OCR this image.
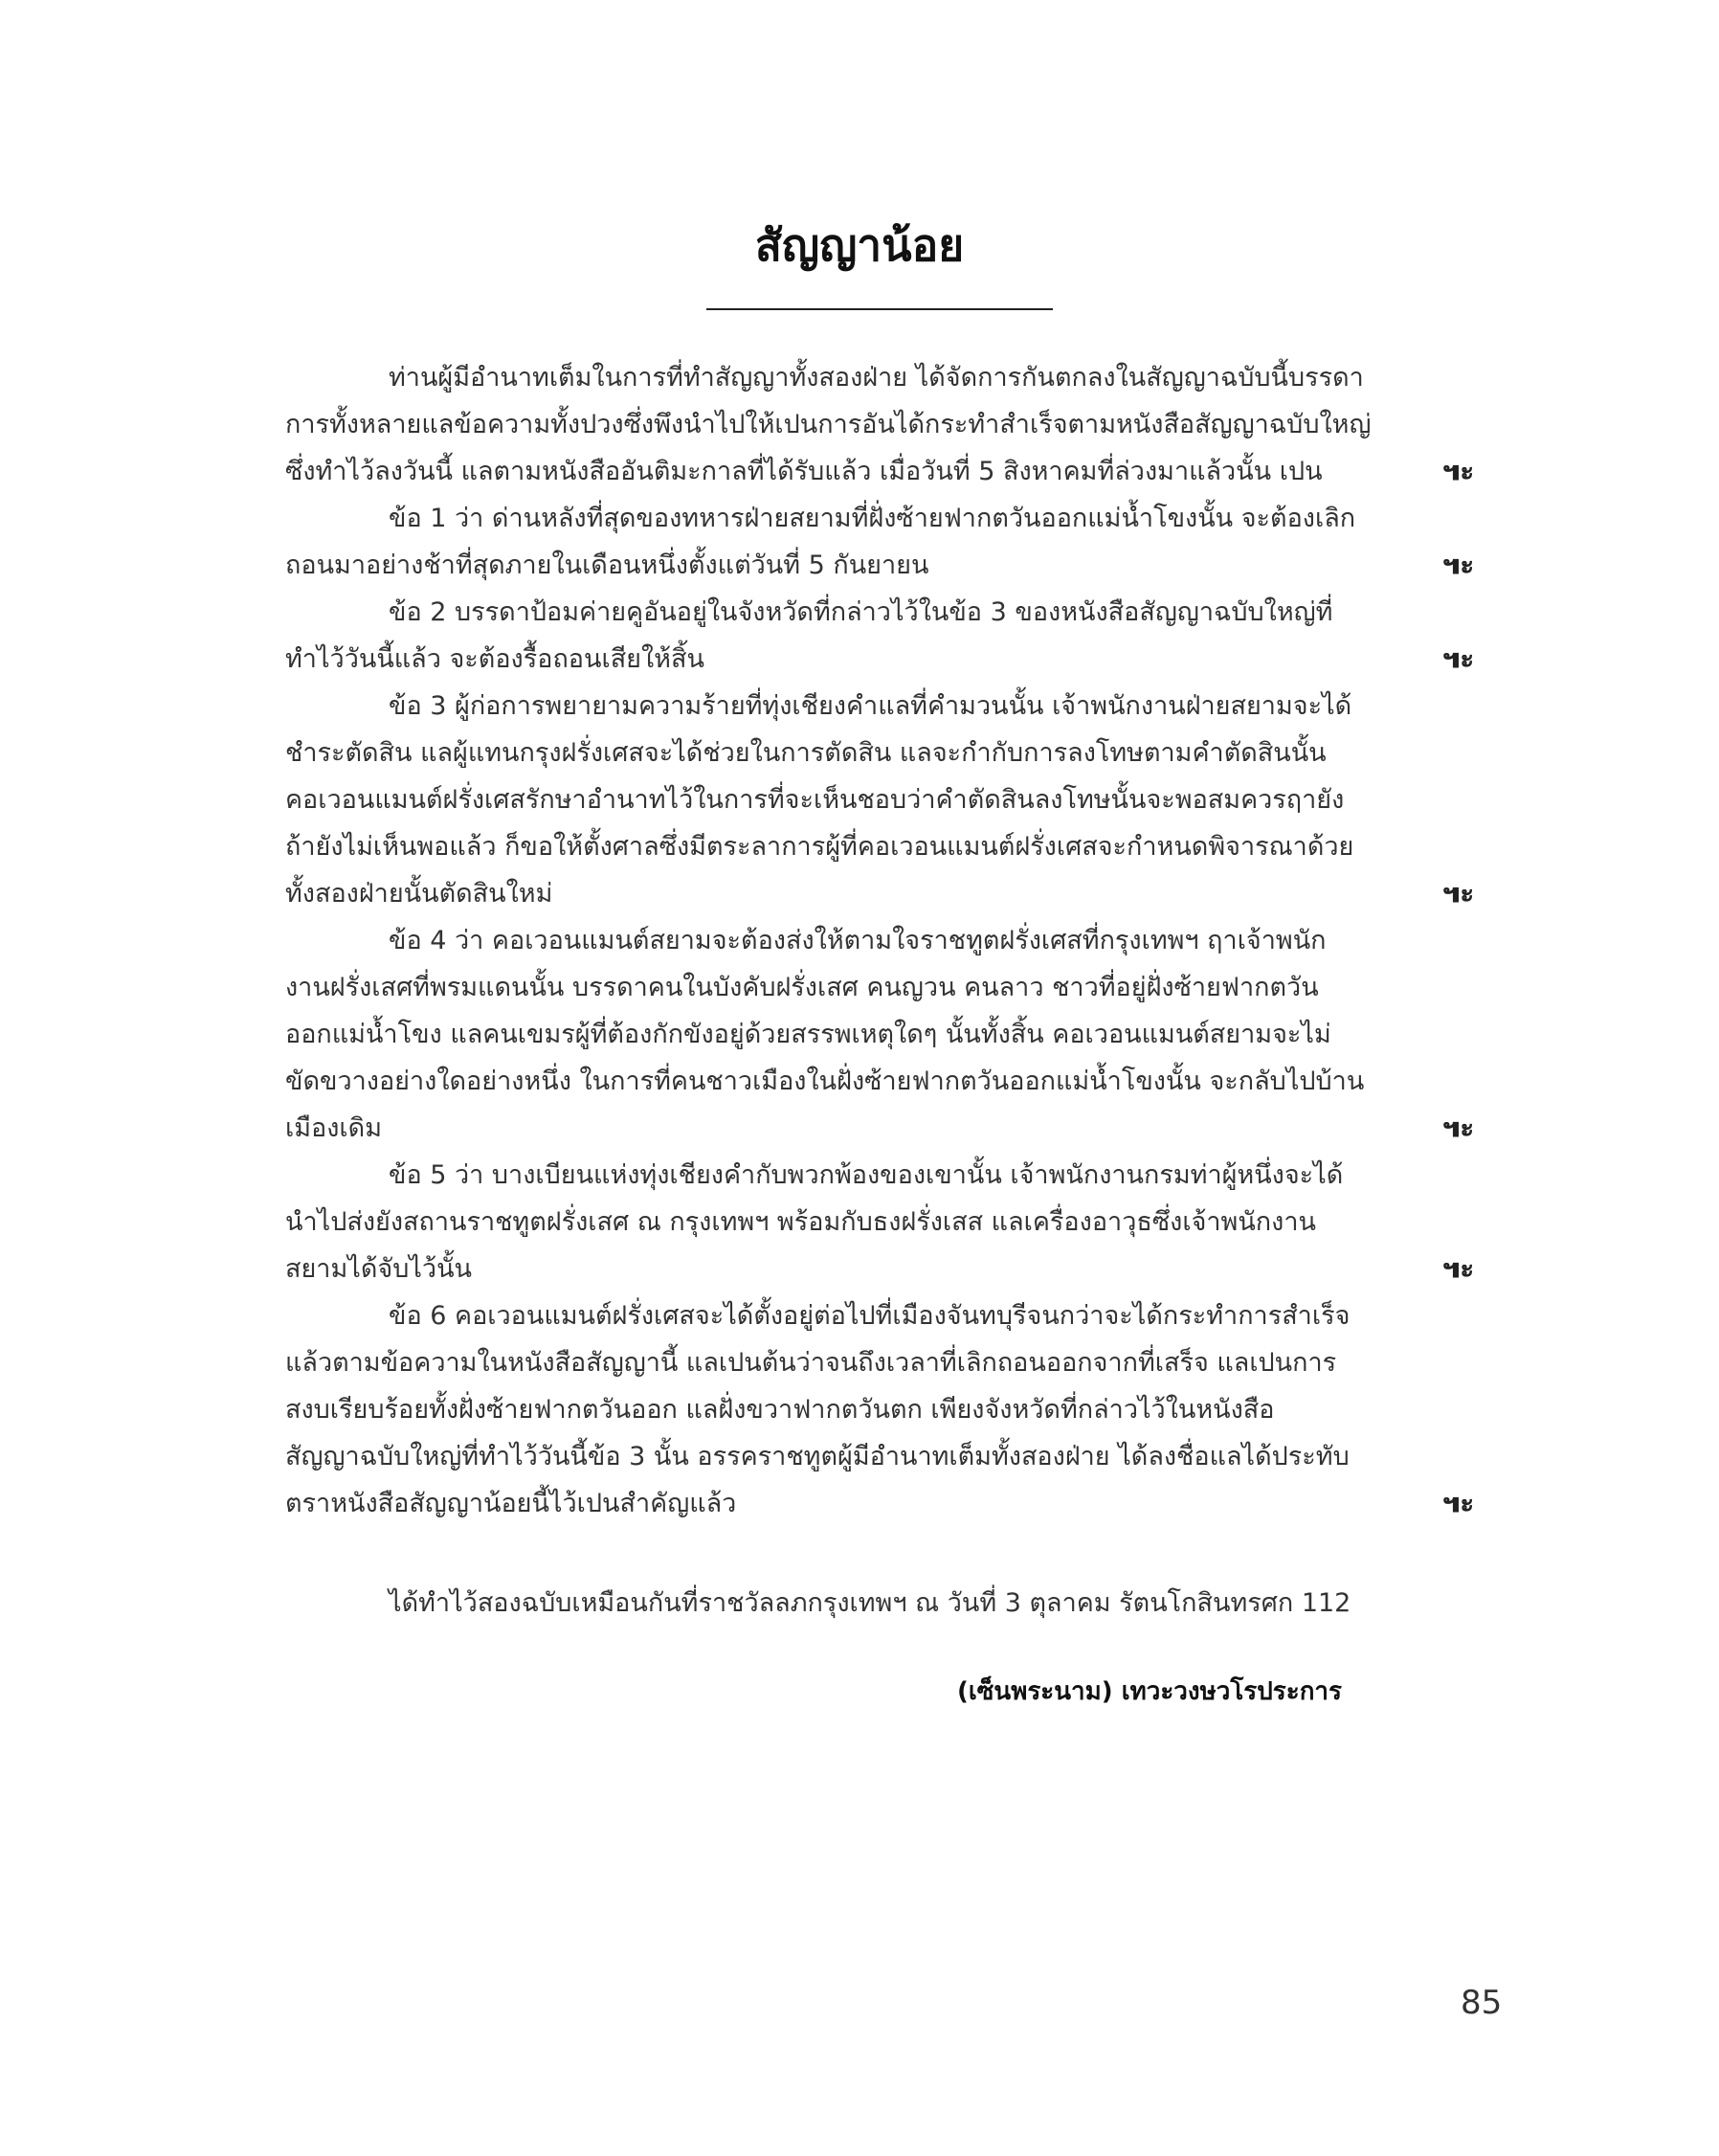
สัญญาน้อย
ท่านผู้มีอำนาทเต็มในการที่ทำสัญญาทั้งสองฝ่าย ได้จัดการกันตกลงในสัญญาฉบับนี้บรรดา
การทั้งหลายแลข้อความทั้งปวงซึ่งพึงนำไปให้เปนการอันได้กระทำสำเร็จตามหนังสือสัญญาฉบับใหญ่
ซึ่งทำไว้ลงวันนี้ แลตามหนังสืออันติมะกาลที่ได้รับแล้ว เมื่อวันที่ 5 สิงหาคมที่ล่วงมาแล้วนั้น เปน	๚ะ
ข้อ 1 ว่า ด่านหลังที่สุดของทหารฝ่ายสยามที่ฝั่งซ้ายฟากตวันออกแม่น้ำโขงนั้น จะต้องเลิก
ถอนมาอย่างช้าที่สุดภายในเดือนหนึ่งตั้งแต่วันที่ 5 กันยายน	๚ะ
ข้อ 2 บรรดาป้อมค่ายคูอันอยู่ในจังหวัดที่กล่าวไว้ในข้อ 3 ของหนังสือสัญญาฉบับใหญ่ที่
ทำไว้วันนี้แล้ว จะต้องรื้อถอนเสียให้สิ้น	๚ะ
ข้อ 3 ผู้ก่อการพยายามความร้ายที่ทุ่งเชียงคำแลที่คำมวนนั้น เจ้าพนักงานฝ่ายสยามจะได้
ชำระตัดสิน แลผู้แทนกรุงฝรั่งเศสจะได้ช่วยในการตัดสิน แลจะกำกับการลงโทษตามคำตัดสินนั้น
คอเวอนแมนต์ฝรั่งเศสรักษาอำนาทไว้ในการที่จะเห็นชอบว่าคำตัดสินลงโทษนั้นจะพอสมควรฤายัง
ถ้ายังไม่เห็นพอแล้ว ก็ขอให้ตั้งศาลซึ่งมีตระลาการผู้ที่คอเวอนแมนต์ฝรั่งเศสจะกำหนดพิจารณาด้วย
ทั้งสองฝ่ายนั้นตัดสินใหม่	๚ะ
ข้อ 4 ว่า คอเวอนแมนต์สยามจะต้องส่งให้ตามใจราชทูตฝรั่งเศสที่กรุงเทพฯ ฤาเจ้าพนัก
งานฝรั่งเสศที่พรมแดนนั้น บรรดาคนในบังคับฝรั่งเสศ คนญวน คนลาว ชาวที่อยู่ฝั่งซ้ายฟากตวัน
ออกแม่น้ำโขง แลคนเขมรผู้ที่ต้องกักขังอยู่ด้วยสรรพเหตุใดๆ นั้นทั้งสิ้น คอเวอนแมนต์สยามจะไม่
ขัดขวางอย่างใดอย่างหนึ่ง ในการที่คนชาวเมืองในฝั่งซ้ายฟากตวันออกแม่น้ำโขงนั้น จะกลับไปบ้าน
เมืองเดิม	๚ะ
ข้อ 5 ว่า บางเบียนแห่งทุ่งเชียงคำกับพวกพ้องของเขานั้น เจ้าพนักงานกรมท่าผู้หนึ่งจะได้
นำไปส่งยังสถานราชทูตฝรั่งเสศ ณ กรุงเทพฯ พร้อมกับธงฝรั่งเสส แลเครื่องอาวุธซึ่งเจ้าพนักงาน
สยามได้จับไว้นั้น	๚ะ
ข้อ 6 คอเวอนแมนต์ฝรั่งเศสจะได้ตั้งอยู่ต่อไปที่เมืองจันทบุรีจนกว่าจะได้กระทำการสำเร็จ
แล้วตามข้อความในหนังสือสัญญานี้ แลเปนต้นว่าจนถึงเวลาที่เลิกถอนออกจากที่เสร็จ แลเปนการ
สงบเรียบร้อยทั้งฝั่งซ้ายฟากตวันออก แลฝั่งขวาฟากตวันตก เพียงจังหวัดที่กล่าวไว้ในหนังสือ
สัญญาฉบับใหญ่ที่ทำไว้วันนี้ข้อ 3 นั้น อรรคราชทูตผู้มีอำนาทเต็มทั้งสองฝ่าย ได้ลงชื่อแลได้ประทับ
ตราหนังสือสัญญาน้อยนี้ไว้เปนสำคัญแล้ว	๚ะ
ได้ทำไว้สองฉบับเหมือนกันที่ราชวัลลภกรุงเทพฯ ณ วันที่ 3 ตุลาคม รัตนโกสินทรศก 112
(เซ็นพระนาม) เทวะวงษวโรประการ
85
